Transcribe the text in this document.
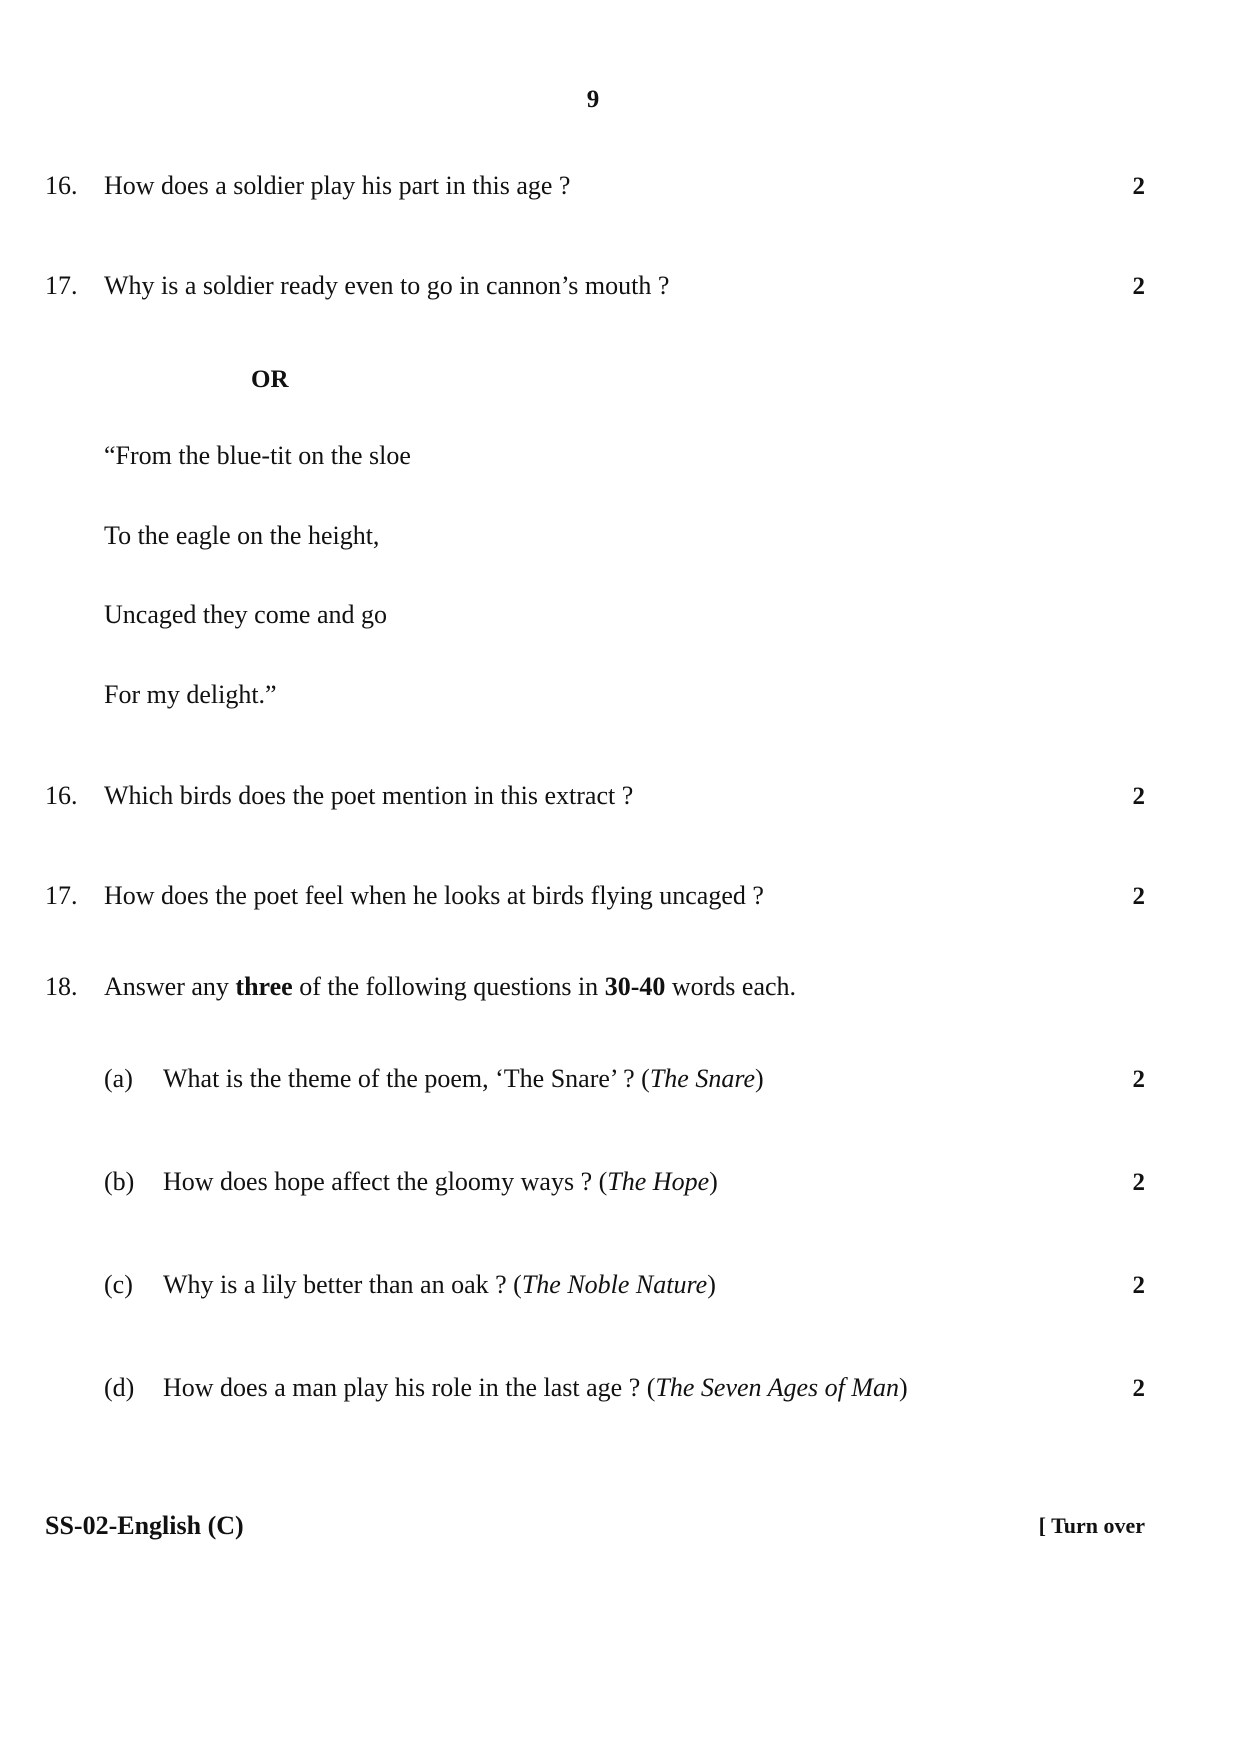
9
16. How does a soldier play his part in this age ?	2
17. Why is a soldier ready even to go in cannon’s mouth ?	2
OR
“From the blue-tit on the sloe
To the eagle on the height,
Uncaged they come and go
For my delight.”
16. Which birds does the poet mention in this extract ?	2
17. How does the poet feel when he looks at birds flying uncaged ?	2
18. Answer any three of the following questions in 30-40 words each.
(a) What is the theme of the poem, ‘The Snare’ ? (The Snare)	2
(b) How does hope affect the gloomy ways ? (The Hope)	2
(c) Why is a lily better than an oak ? (The Noble Nature)	2
(d) How does a man play his role in the last age ? (The Seven Ages of Man)	2
SS-02-English (C)	[ Turn over
